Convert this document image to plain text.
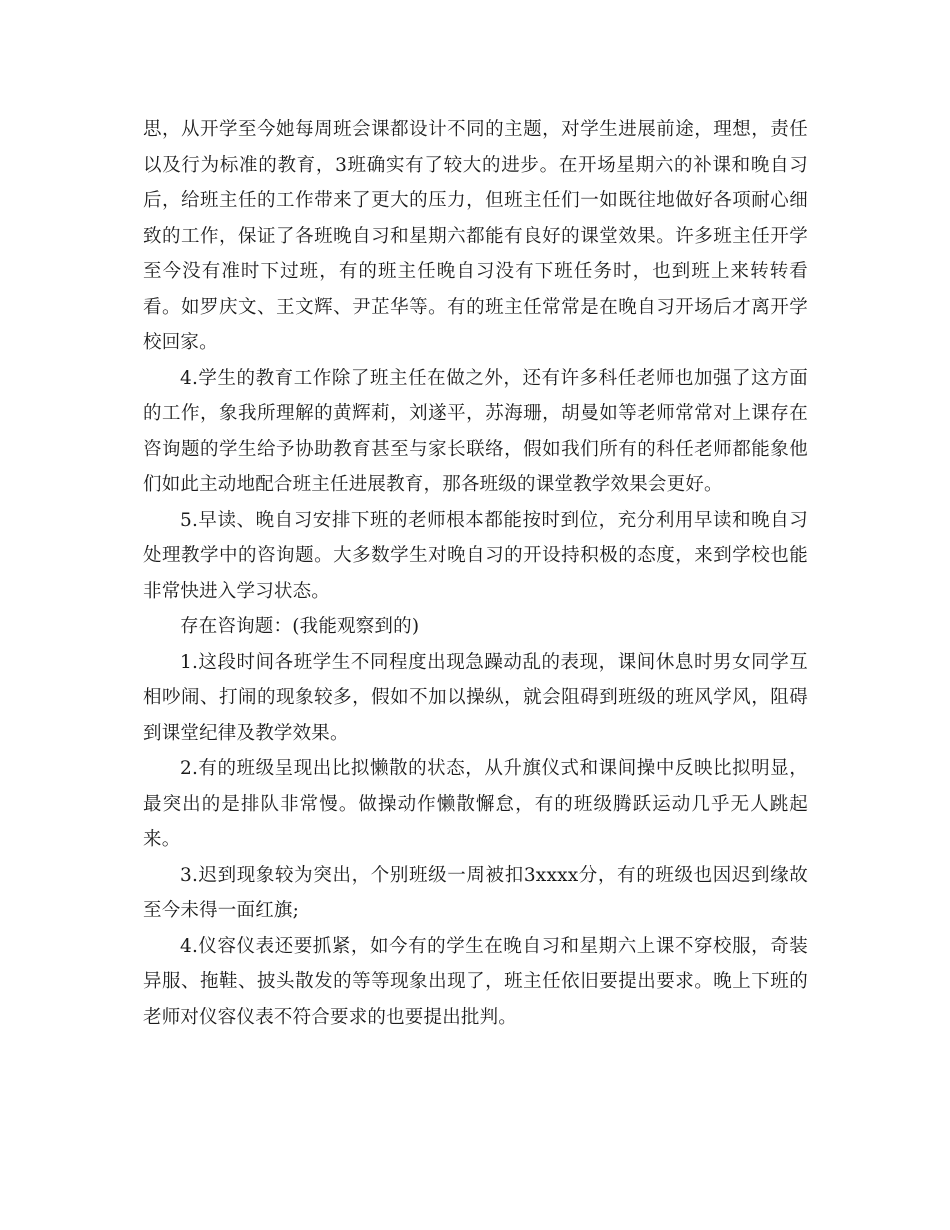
思，从开学至今她每周班会课都设计不同的主题，对学生进展前途，理想，责任以及行为标准的教育，3班确实有了较大的进步。在开场星期六的补课和晚自习后，给班主任的工作带来了更大的压力，但班主任们一如既往地做好各项耐心细致的工作，保证了各班晚自习和星期六都能有良好的课堂效果。许多班主任开学至今没有准时下过班，有的班主任晚自习没有下班任务时，也到班上来转转看看。如罗庆文、王文辉、尹芷华等。有的班主任常常是在晚自习开场后才离开学校回家。

4.学生的教育工作除了班主任在做之外，还有许多科任老师也加强了这方面的工作，象我所理解的黄辉莉，刘遂平，苏海珊，胡曼如等老师常常对上课存在咨询题的学生给予协助教育甚至与家长联络，假如我们所有的科任老师都能象他们如此主动地配合班主任进展教育，那各班级的课堂教学效果会更好。

5.早读、晚自习安排下班的老师根本都能按时到位，充分利用早读和晚自习处理教学中的咨询题。大多数学生对晚自习的开设持积极的态度，来到学校也能非常快进入学习状态。

存在咨询题：(我能观察到的)

1.这段时间各班学生不同程度出现急躁动乱的表现，课间休息时男女同学互相吵闹、打闹的现象较多，假如不加以操纵，就会阻碍到班级的班风学风，阻碍到课堂纪律及教学效果。

2.有的班级呈现出比拟懒散的状态，从升旗仪式和课间操中反映比拟明显，最突出的是排队非常慢。做操动作懒散懈怠，有的班级腾跃运动几乎无人跳起来。

3.迟到现象较为突出，个别班级一周被扣3xxxx分，有的班级也因迟到缘故至今未得一面红旗;

4.仪容仪表还要抓紧，如今有的学生在晚自习和星期六上课不穿校服，奇装异服、拖鞋、披头散发的等等现象出现了，班主任依旧要提出要求。晚上下班的老师对仪容仪表不符合要求的也要提出批判。
